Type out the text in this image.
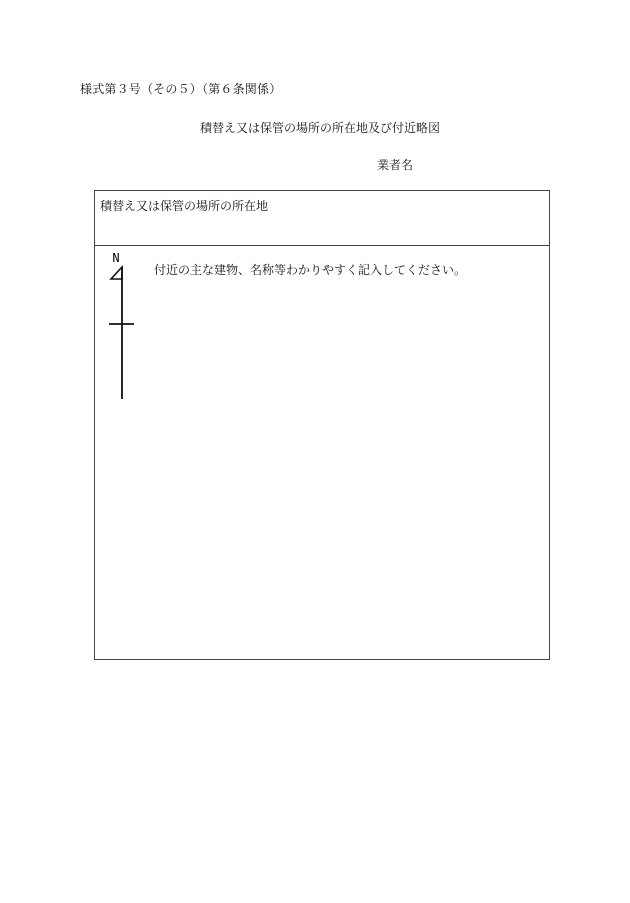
様式第３号（その５）（第６条関係）
積替え又は保管の場所の所在地及び付近略図
業者名
積替え又は保管の場所の所在地
N
付近の主な建物、名称等わかりやすく記入してください。
